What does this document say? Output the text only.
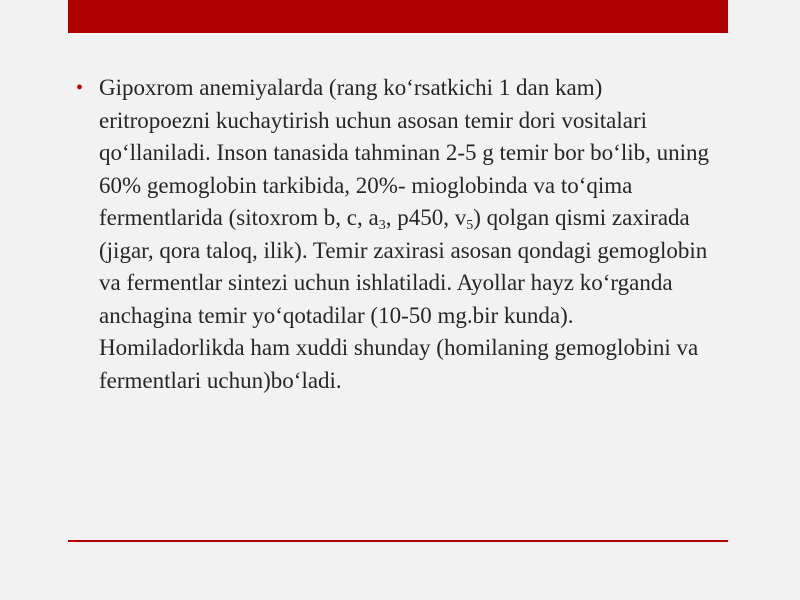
• Gipoxrom anemiyalarda (rang ko‘rsatkichi 1 dan kam) eritropoezni kuchaytirish uchun asosan temir dori vositalari qo‘llaniladi. Inson tanasida tahminan 2-5 g temir bor bo‘lib, uning 60% gemoglobin tarkibida, 20%- mioglobinda va to‘qima fermentlarida (sitoxrom b, c, $a_3$, p450, $v_5$) qolgan qismi zaxirada (jigar, qora taloq, ilik). Temir zaxirasi asosan qondagi gemoglobin va fermentlar sintezi uchun ishlatiladi. Ayollar hayz ko‘rganda anchagina temir yo‘qotadilar (10-50 mg.bir kunda). Homiladorlikda ham xuddi shunday (homilaning gemoglobini va fermentlari uchun)bo‘ladi.
